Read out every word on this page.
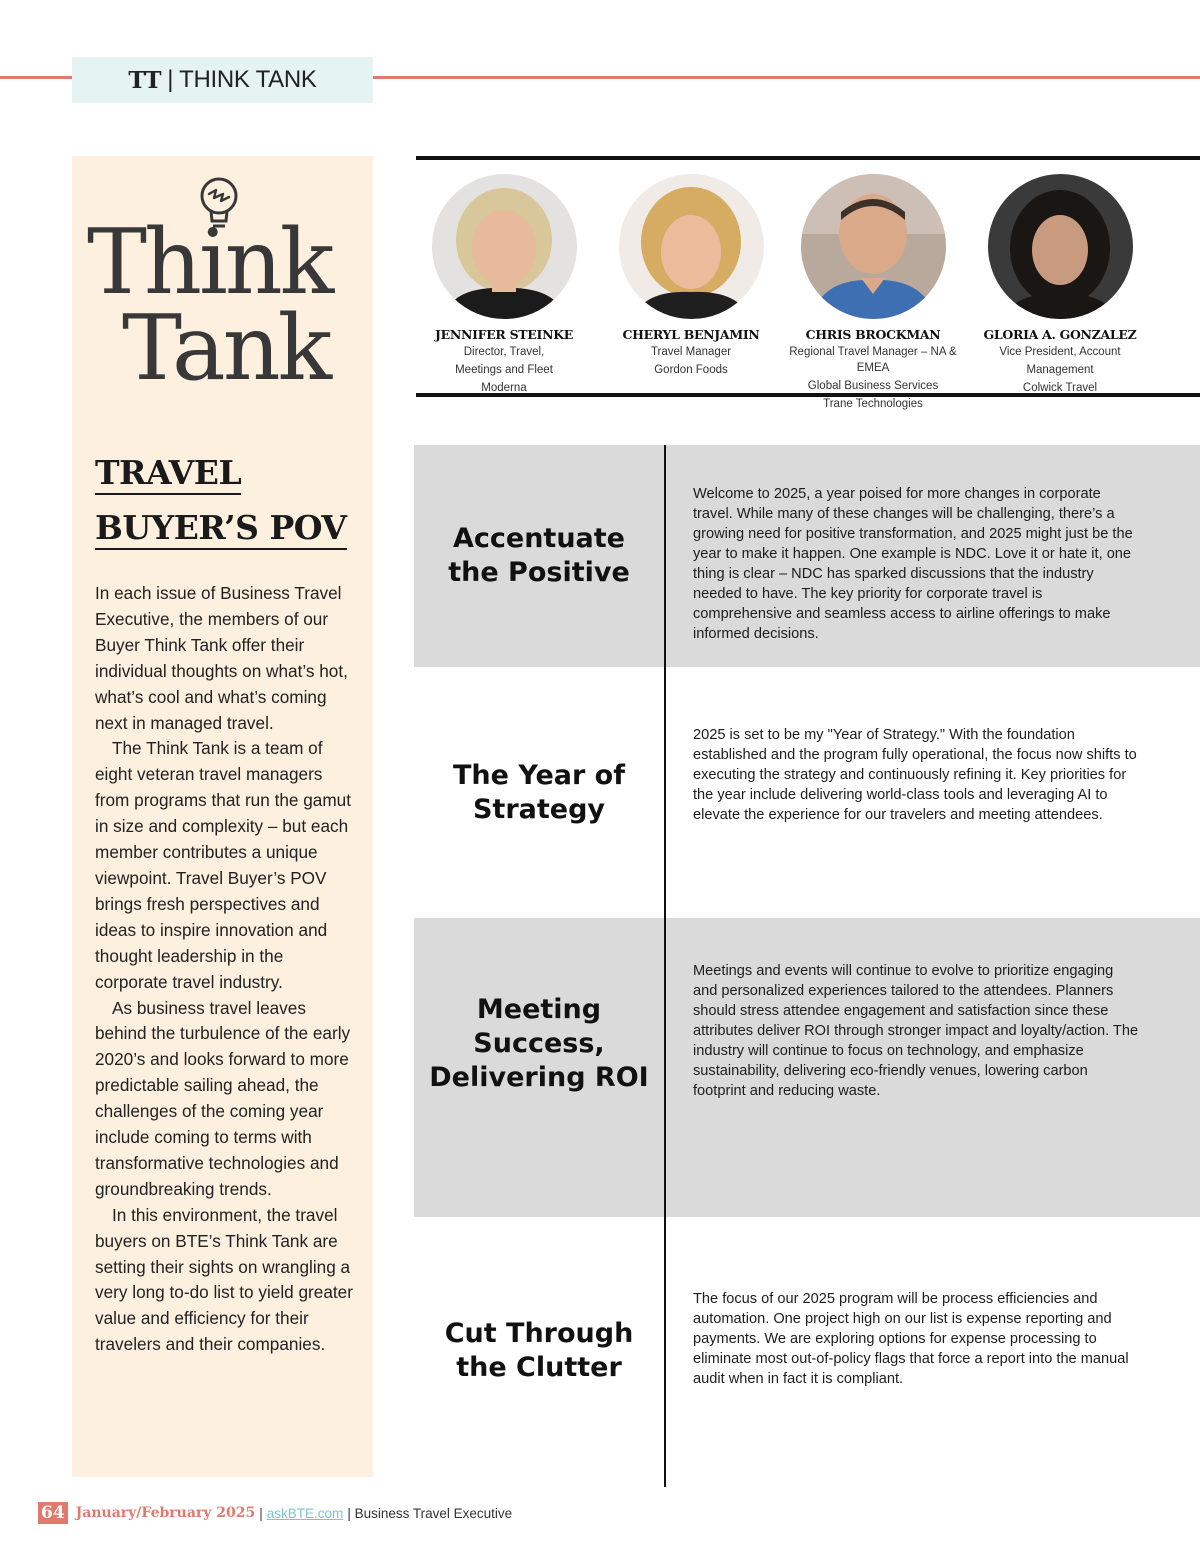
TT | THINK TANK
Think
Tank
TRAVEL
BUYER’S POV

In each issue of Business Travel Executive, the members of our Buyer Think Tank offer their individual thoughts on what’s hot, what’s cool and what’s coming next in managed travel.

The Think Tank is a team of eight veteran travel managers from programs that run the gamut in size and complexity – but each member contributes a unique viewpoint. Travel Buyer’s POV brings fresh perspectives and ideas to inspire innovation and thought leadership in the corporate travel industry.

As business travel leaves behind the turbulence of the early 2020’s and looks forward to more predictable sailing ahead, the challenges of the coming year include coming to terms with transformative technologies and groundbreaking trends.

In this environment, the travel buyers on BTE’s Think Tank are setting their sights on wrangling a very long to-do list to yield greater value and efficiency for their travelers and their companies.

JENNIFER STEINKE
Director, Travel,
Meetings and Fleet
Moderna
CHERYL BENJAMIN
Travel Manager
Gordon Foods
CHRIS BROCKMAN
Regional Travel Manager – NA & EMEA
Global Business Services
Trane Technologies
GLORIA A. GONZALEZ
Vice President, Account
Management
Colwick Travel
Accentuate the Positive
Welcome to 2025, a year poised for more changes in corporate travel. While many of these changes will be challenging, there’s a growing need for positive transformation, and 2025 might just be the year to make it happen. One example is NDC. Love it or hate it, one thing is clear – NDC has sparked discussions that the industry needed to have. The key priority for corporate travel is comprehensive and seamless access to airline offerings to make informed decisions.
The Year of Strategy
2025 is set to be my "Year of Strategy." With the foundation established and the program fully operational, the focus now shifts to executing the strategy and continuously refining it. Key priorities for the year include delivering world-class tools and leveraging AI to elevate the experience for our travelers and meeting attendees.
Meeting Success, Delivering ROI
Meetings and events will continue to evolve to prioritize engaging and personalized experiences tailored to the attendees. Planners should stress attendee engagement and satisfaction since these attributes deliver ROI through stronger impact and loyalty/action. The industry will continue to focus on technology, and emphasize sustainability, delivering eco-friendly venues, lowering carbon footprint and reducing waste.
Cut Through the Clutter
The focus of our 2025 program will be process efficiencies and automation. One project high on our list is expense reporting and payments. We are exploring options for expense processing to eliminate most out-of-policy flags that force a report into the manual audit when in fact it is compliant.
64 January/February 2025 | askBTE.com | Business Travel Executive
